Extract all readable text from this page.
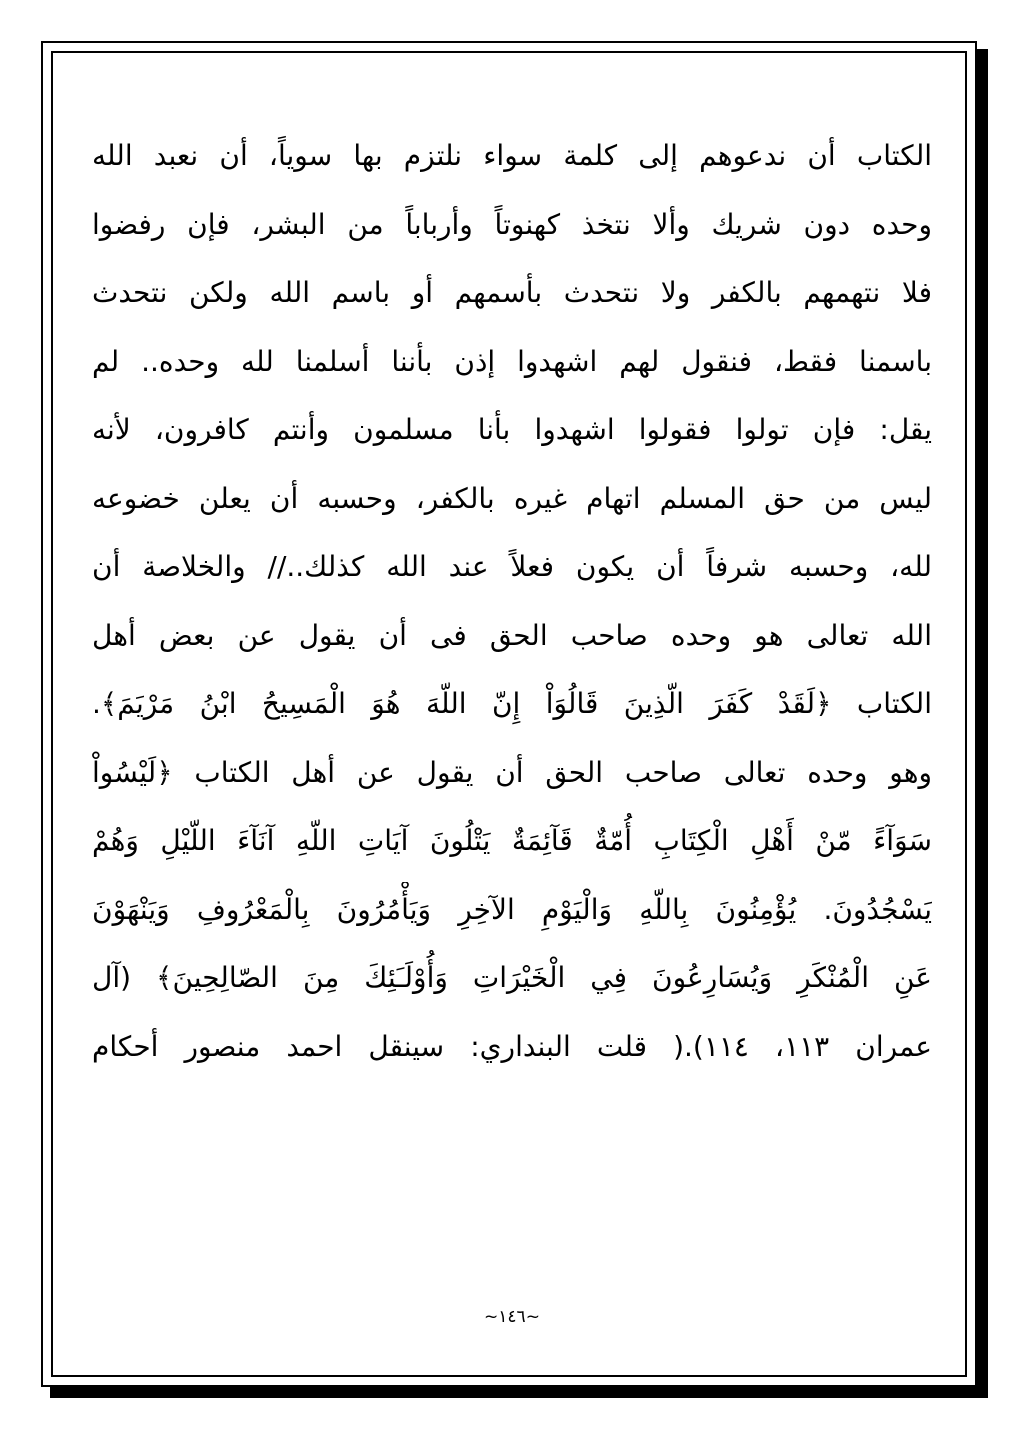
الكتاب أن ندعوهم إلى كلمة سواء نلتزم بها سوياً، أن نعبد الله
وحده دون شريك وألا نتخذ كهنوتاً وأرباباً من البشر، فإن رفضوا
فلا نتهمهم بالكفر ولا نتحدث بأسمهم أو باسم الله ولكن نتحدث
باسمنا فقط، فنقول لهم اشهدوا إذن بأننا أسلمنا لله وحده.. لم
يقل: فإن تولوا فقولوا اشهدوا بأنا مسلمون وأنتم كافرون، لأنه
ليس من حق المسلم اتهام غيره بالكفر، وحسبه أن يعلن خضوعه
لله، وحسبه شرفاً أن يكون فعلاً عند الله كذلك..// والخلاصة أن
الله تعالى هو وحده صاحب الحق فى أن يقول عن بعض أهل
الكتاب ﴿لَقَدْ كَفَرَ الّذِينَ قَالُوَاْ إِنّ اللّهَ هُوَ الْمَسِيحُ ابْنُ مَرْيَمَ﴾.
وهو وحده تعالى صاحب الحق أن يقول عن أهل الكتاب ﴿لَيْسُواْ
سَوَآءً مّنْ أَهْلِ الْكِتَابِ أُمّةٌ قَآئِمَةٌ يَتْلُونَ آيَاتِ اللّهِ آنَآءَ اللّيْلِ وَهُمْ
يَسْجُدُونَ. يُؤْمِنُونَ بِاللّهِ وَالْيَوْمِ الآخِرِ وَيَأْمُرُونَ بِالْمَعْرُوفِ وَيَنْهَوْنَ
عَنِ الْمُنْكَرِ وَيُسَارِعُونَ فِي الْخَيْرَاتِ وَأُوْلَـَئِكَ مِنَ الصّالِحِينَ﴾ (آل
عمران ١١٣، ١١٤).( قلت البنداري: سينقل احمد منصور أحكام
~١٤٦~
